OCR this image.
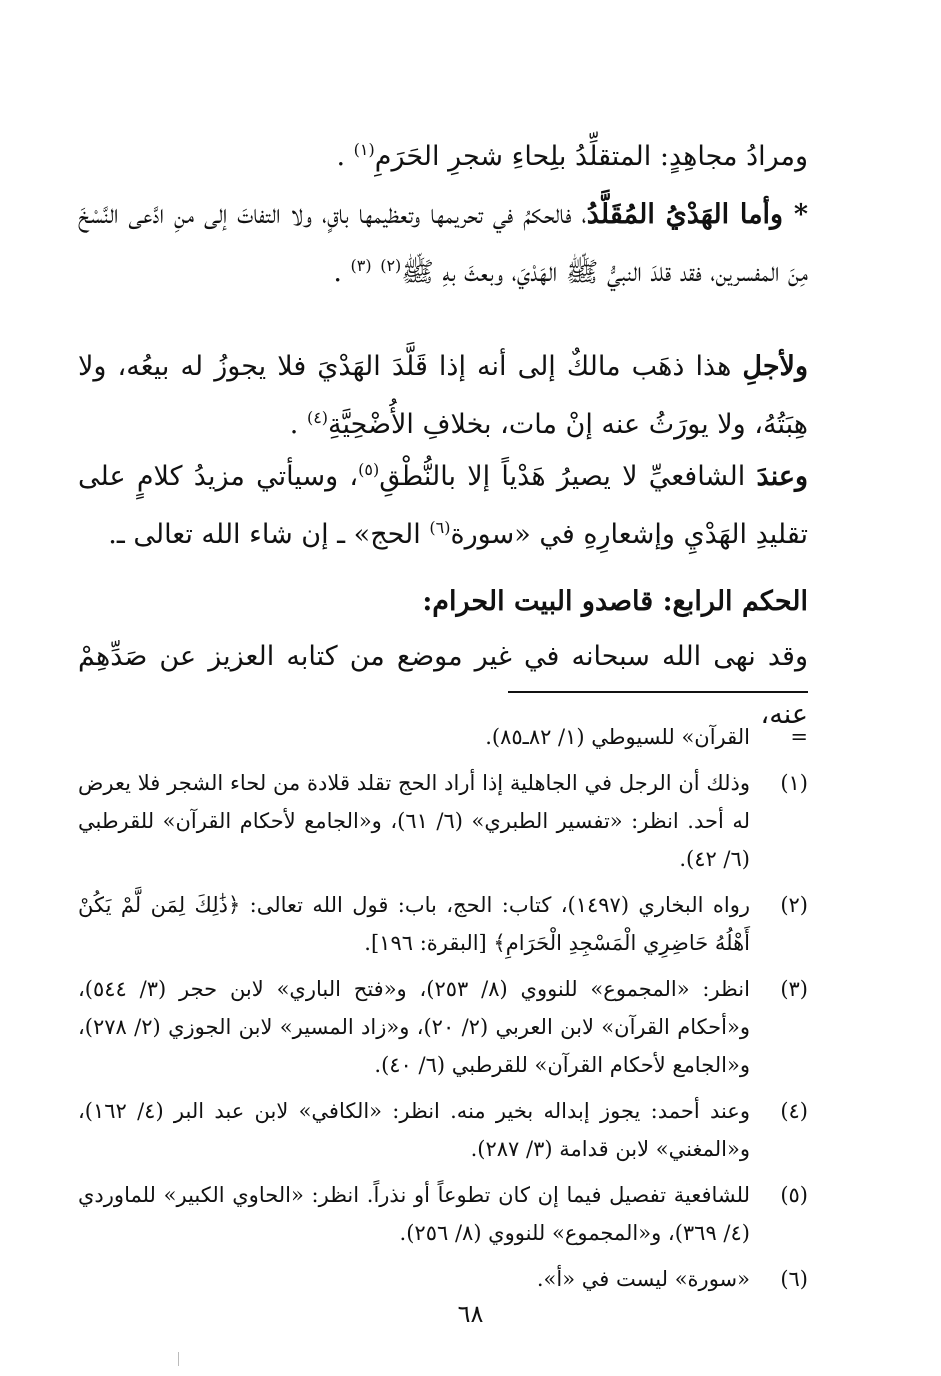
ومرادُ مجاهِدٍ: المتقلِّدُ بلِحاءِ شجرِ الحَرَمِ$^{(١)}$ .

* وأما الهَدْيُ المُقَلَّدُ، فالحكمُ في تحريمها وتعظيمها باقٍ، ولا التفاتَ إلى منِ ادَّعى النَّسْخَ مِنَ المفسرين، فقد قلدَ النبيُّ ﷺ الهَدْيَ، وبعثَ بهِ ﷺ$^{(٢)}$ $^{(٣)}$ .

ولأجلِ هذا ذهَب مالكٌ إلى أنه إذا قَلَّدَ الهَدْيَ فلا يجوزُ له بيعُه، ولا هِبَتُهُ، ولا يورَثُ عنه إنْ مات، بخلافِ الأُضْحِيَّةِ$^{(٤)}$ .

وعندَ الشافعيِّ لا يصيرُ هَدْياً إلا بالنُّطْقِ$^{(٥)}$، وسيأتي مزيدُ كلامٍ على تقليدِ الهَدْيِ وإشعارِهِ في «سورة$^{(٦)}$ الحج» ـ إن شاء الله تعالى ـ.

الحكم الرابع: قاصدو البيت الحرام:

وقد نهى الله سبحانه في غير موضع من كتابه العزيز عن صَدِّهِمْ عنه،

=
القرآن» للسيوطي (١/ ٨٢ـ٨٥).
(١)
وذلك أن الرجل في الجاهلية إذا أراد الحج تقلد قلادة من لحاء الشجر فلا يعرض له أحد. انظر: «تفسير الطبري» (٦/ ٦١)، و«الجامع لأحكام القرآن» للقرطبي (٦/ ٤٢).
(٢)
رواه البخاري (١٤٩٧)، كتاب: الحج، باب: قول الله تعالى: ﴿ذَٰلِكَ لِمَن لَّمْ يَكُنْ أَهْلُهُ حَاضِرِي الْمَسْجِدِ الْحَرَامِ﴾ [البقرة: ١٩٦].
(٣)
انظر: «المجموع» للنووي (٨/ ٢٥٣)، و«فتح الباري» لابن حجر (٣/ ٥٤٤)، و«أحكام القرآن» لابن العربي (٢/ ٢٠)، و«زاد المسير» لابن الجوزي (٢/ ٢٧٨)، و«الجامع لأحكام القرآن» للقرطبي (٦/ ٤٠).
(٤)
وعند أحمد: يجوز إبداله بخير منه. انظر: «الكافي» لابن عبد البر (٤/ ١٦٢)، و«المغني» لابن قدامة (٣/ ٢٨٧).
(٥)
للشافعية تفصيل فيما إن كان تطوعاً أو نذراً. انظر: «الحاوي الكبير» للماوردي (٤/ ٣٦٩)، و«المجموع» للنووي (٨/ ٢٥٦).
(٦)
«سورة» ليست في «أ».
٦٨
